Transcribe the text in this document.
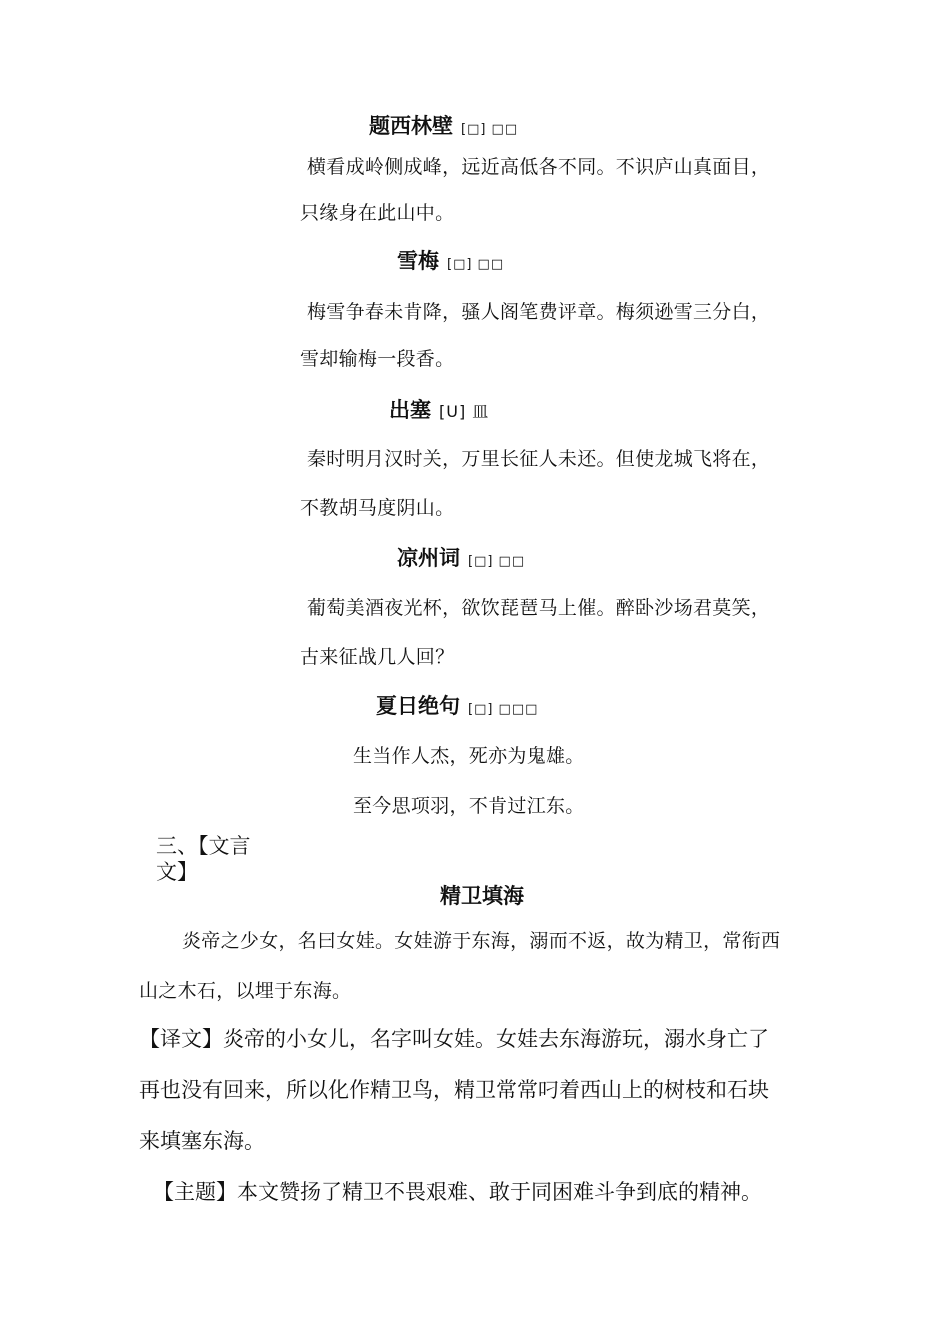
题西林壁 [□] □□
横看成岭侧成峰，远近高低各不同。不识庐山真面目，
只缘身在此山中。
雪梅 [□] □□
梅雪争春未肯降，骚人阁笔费评章。梅须逊雪三分白，
雪却输梅一段香。
出塞 [U] 皿
秦时明月汉时关，万里长征人未还。但使龙城飞将在，
不教胡马度阴山。
凉州词 [□] □□
葡萄美酒夜光杯，欲饮琵琶马上催。醉卧沙场君莫笑，
古来征战几人回？
夏日绝句 [□] □□□
生当作人杰，死亦为鬼雄。
至今思项羽，不肯过江东。
三、【文言
文】
精卫填海
炎帝之少女，名曰女娃。女娃游于东海，溺而不返，故为精卫，常衔西
山之木石，以埋于东海。
【译文】炎帝的小女儿，名字叫女娃。女娃去东海游玩，溺水身亡了
再也没有回来，所以化作精卫鸟，精卫常常叼着西山上的树枝和石块
来填塞东海。
【主题】本文赞扬了精卫不畏艰难、敢于同困难斗争到底的精神。
